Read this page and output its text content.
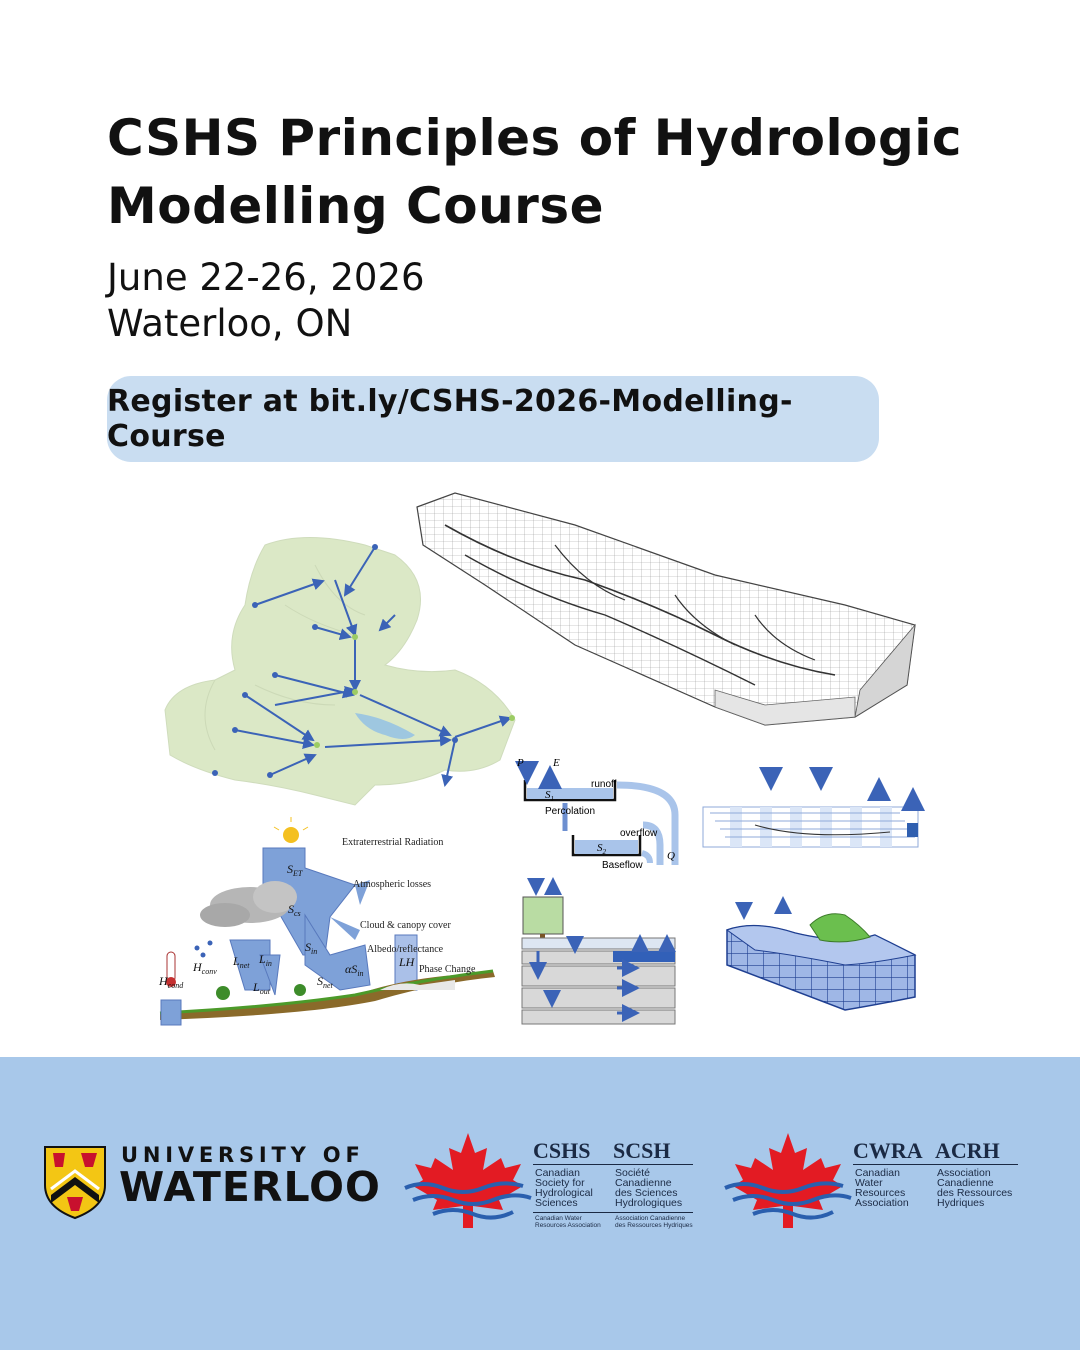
CSHS Principles of Hydrologic Modelling Course
June 22-26, 2026
Waterloo, ON
Register at bit.ly/CSHS-2026-Modelling-Course
P	E
runoff
$S_1$
Percolation
overflow
$S_2$
Baseflow
Q
$S_{ET}$
$S_{cs}$
$S_{in}$
$\alpha S_{in}$
$S_{net}$
$L_{in}$
$L_{net}$
$L_{out}$
LH
$H_{conv}$
$H_{cond}$
Extraterrestrial Radiation
Atmospheric losses
Cloud & canopy cover
Albedo/reflectance
Phase Change
UNIVERSITY OF
WATERLOO
CSHS SCSH
Canadian
Society for
Hydrological
Sciences
Société
Canadienne
des Sciences
Hydrologiques
Canadian Water
Resources Association
Association Canadienne
des Ressources Hydriques
CWRA ACRH
Canadian
Water
Resources
Association
Association
Canadienne
des Ressources
Hydriques
